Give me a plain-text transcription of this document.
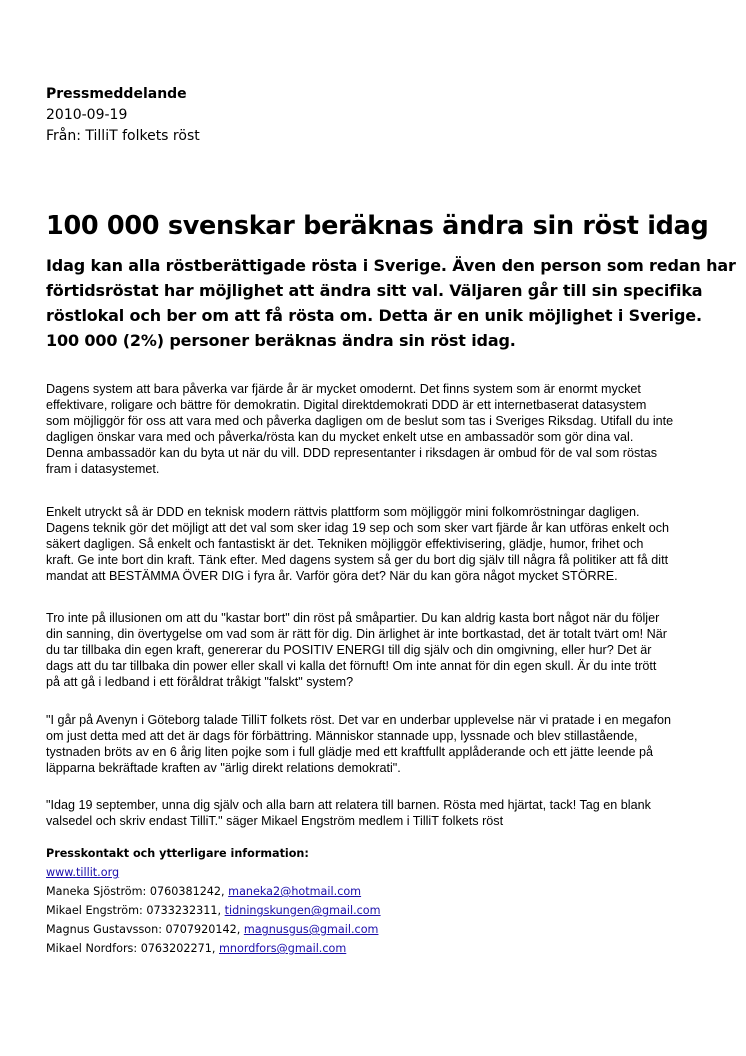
Pressmeddelande
2010-09-19
Från: TilliT folkets röst
100 000 svenskar beräknas ändra sin röst idag
Idag kan alla röstberättigade rösta i Sverige. Även den person som redan har
förtidsröstat har möjlighet att ändra sitt val. Väljaren går till sin specifika
röstlokal och ber om att få rösta om. Detta är en unik möjlighet i Sverige.
100 000 (2%) personer beräknas ändra sin röst idag.
Dagens system att bara påverka var fjärde år är mycket omodernt. Det finns system som är enormt mycket
effektivare, roligare och bättre för demokratin. Digital direktdemokrati DDD är ett internetbaserat datasystem
som möjliggör för oss att vara med och påverka dagligen om de beslut som tas i Sveriges Riksdag. Utifall du inte
dagligen önskar vara med och påverka/rösta kan du mycket enkelt utse en ambassadör som gör dina val.
Denna ambassadör kan du byta ut när du vill. DDD representanter i riksdagen är ombud för de val som röstas
fram i datasystemet.
Enkelt utryckt så är DDD en teknisk modern rättvis plattform som möjliggör mini folkomröstningar dagligen.
Dagens teknik gör det möjligt att det val som sker idag 19 sep och som sker vart fjärde år kan utföras enkelt och
säkert dagligen. Så enkelt och fantastiskt är det. Tekniken möjliggör effektivisering, glädje, humor, frihet och
kraft. Ge inte bort din kraft. Tänk efter. Med dagens system så ger du bort dig själv till några få politiker att få ditt
mandat att BESTÄMMA ÖVER DIG i fyra år. Varför göra det? När du kan göra något mycket STÖRRE.
Tro inte på illusionen om att du "kastar bort" din röst på småpartier. Du kan aldrig kasta bort något när du följer
din sanning, din övertygelse om vad som är rätt för dig. Din ärlighet är inte bortkastad, det är totalt tvärt om! När
du tar tillbaka din egen kraft, genererar du POSITIV ENERGI till dig själv och din omgivning, eller hur? Det är
dags att du tar tillbaka din power eller skall vi kalla det förnuft! Om inte annat för din egen skull. Är du inte trött
på att gå i ledband i ett föråldrat tråkigt "falskt" system?
"I går på Avenyn i Göteborg talade TilliT folkets röst. Det var en underbar upplevelse när vi pratade i en megafon
om just detta med att det är dags för förbättring. Människor stannade upp, lyssnade och blev stillastående,
tystnaden bröts av en 6 årig liten pojke som i full glädje med ett kraftfullt applåderande och ett jätte leende på
läpparna bekräftade kraften av "ärlig direkt relations demokrati".
"Idag 19 september, unna dig själv och alla barn att relatera till barnen. Rösta med hjärtat, tack! Tag en blank
valsedel och skriv endast TilliT." säger Mikael Engström medlem i TilliT folkets röst
Presskontakt och ytterligare information:
www.tillit.org
Maneka Sjöström: 0760381242, maneka2@hotmail.com
Mikael Engström: 0733232311, tidningskungen@gmail.com
Magnus Gustavsson: 0707920142, magnusgus@gmail.com
Mikael Nordfors: 0763202271, mnordfors@gmail.com
